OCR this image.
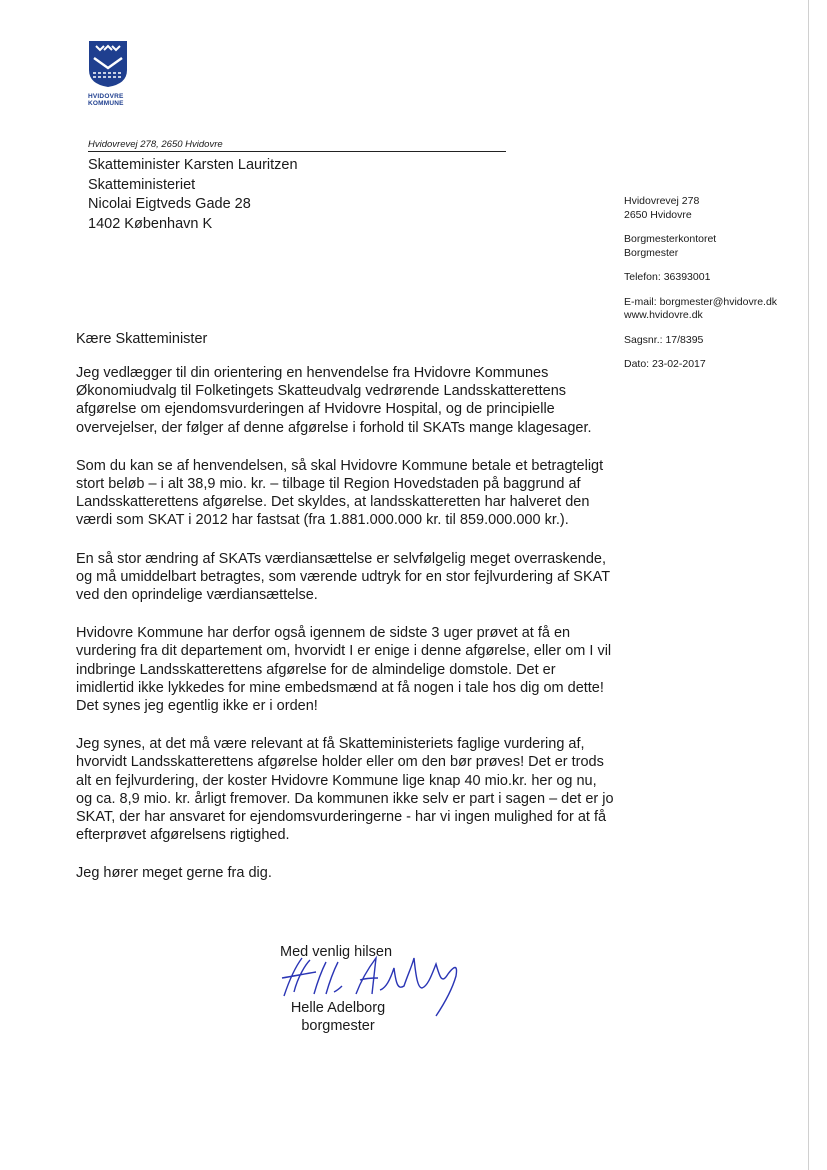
HVIDOVRE
KOMMUNE
Hvidovrevej 278, 2650 Hvidovre
Skatteminister Karsten Lauritzen
Skatteministeriet
Nicolai Eigtveds Gade 28
1402 København K
Hvidovrevej 278
2650 Hvidovre
Borgmesterkontoret
Borgmester
Telefon: 36393001
E-mail: borgmester@hvidovre.dk
www.hvidovre.dk
Sagsnr.: 17/8395
Dato: 23-02-2017
Kære Skatteminister

Jeg vedlægger til din orientering en henvendelse fra Hvidovre Kommunes Økonomiudvalg til Folketingets Skatteudvalg vedrørende Landsskatterettens afgørelse om ejendomsvurderingen af Hvidovre Hospital, og de principielle overvejelser, der følger af denne afgørelse i forhold til SKATs mange klagesager.

Som du kan se af henvendelsen, så skal Hvidovre Kommune betale et betragteligt stort beløb – i alt 38,9 mio. kr. – tilbage til Region Hovedstaden på baggrund af Landsskatterettens afgørelse. Det skyldes, at landsskatteretten har halveret den værdi som SKAT i 2012 har fastsat (fra 1.881.000.000 kr. til 859.000.000 kr.).

En så stor ændring af SKATs værdiansættelse er selvfølgelig meget overraskende, og må umiddelbart betragtes, som værende udtryk for en stor fejlvurdering af SKAT ved den oprindelige værdiansættelse.

Hvidovre Kommune har derfor også igennem de sidste 3 uger prøvet at få en vurdering fra dit departement om, hvorvidt I er enige i denne afgørelse, eller om I vil indbringe Landsskatterettens afgørelse for de almindelige domstole. Det er imidlertid ikke lykkedes for mine embedsmænd at få nogen i tale hos dig om dette! Det synes jeg egentlig ikke er i orden!

Jeg synes, at det må være relevant at få Skatteministeriets faglige vurdering af, hvorvidt Landsskatterettens afgørelse holder eller om den bør prøves! Det er trods alt en fejlvurdering, der koster Hvidovre Kommune lige knap 40 mio.kr. her og nu, og ca. 8,9 mio. kr. årligt fremover. Da kommunen ikke selv er part i sagen – det er jo SKAT, der har ansvaret for ejendomsvurderingerne - har vi ingen mulighed for at få efterprøvet afgørelsens rigtighed.

Jeg hører meget gerne fra dig.

Med venlig hilsen
Helle Adelborg
borgmester
